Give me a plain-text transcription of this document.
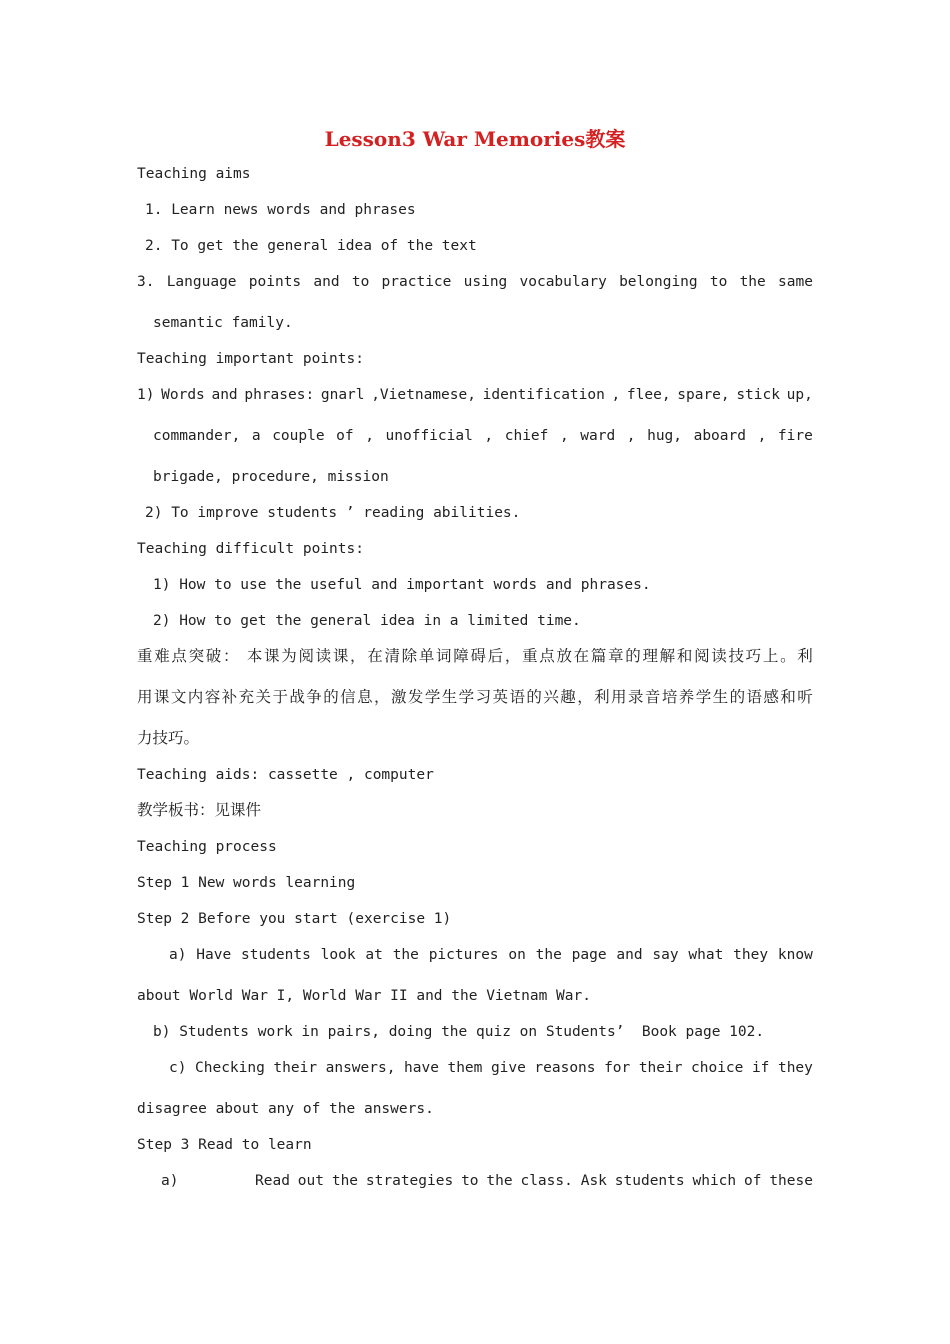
Lesson3 War Memories教案
Teaching aims
1. Learn news words and phrases
2. To get the general idea of the text
3. Language points and to practice using vocabulary belonging to the same
semantic family.
Teaching important points:
1) Words and phrases: gnarl ,Vietnamese, identification , flee, spare, stick up,
commander, a couple of , unofficial , chief , ward , hug, aboard , fire
brigade, procedure, mission
2) To improve students ’ reading abilities.
Teaching difficult points:
1) How to use the useful and important words and phrases.
2) How to get the general idea in a limited time.
重难点突破： 本课为阅读课，在清除单词障碍后，重点放在篇章的理解和阅读技巧上。利
用课文内容补充关于战争的信息，激发学生学习英语的兴趣，利用录音培养学生的语感和听
力技巧。
Teaching aids: cassette , computer
教学板书：见课件
Teaching process
Step 1 New words learning
Step 2 Before you start (exercise 1)
a) Have students look at the pictures on the page and say what they know
about World War I, World War II and the Vietnam War.
b) Students work in pairs, doing the quiz on Students’  Book page 102.
c) Checking their answers, have them give reasons for their choice if they
disagree about any of the answers.
Step 3 Read to learn
a)	Read out the strategies to the class. Ask students which of these
